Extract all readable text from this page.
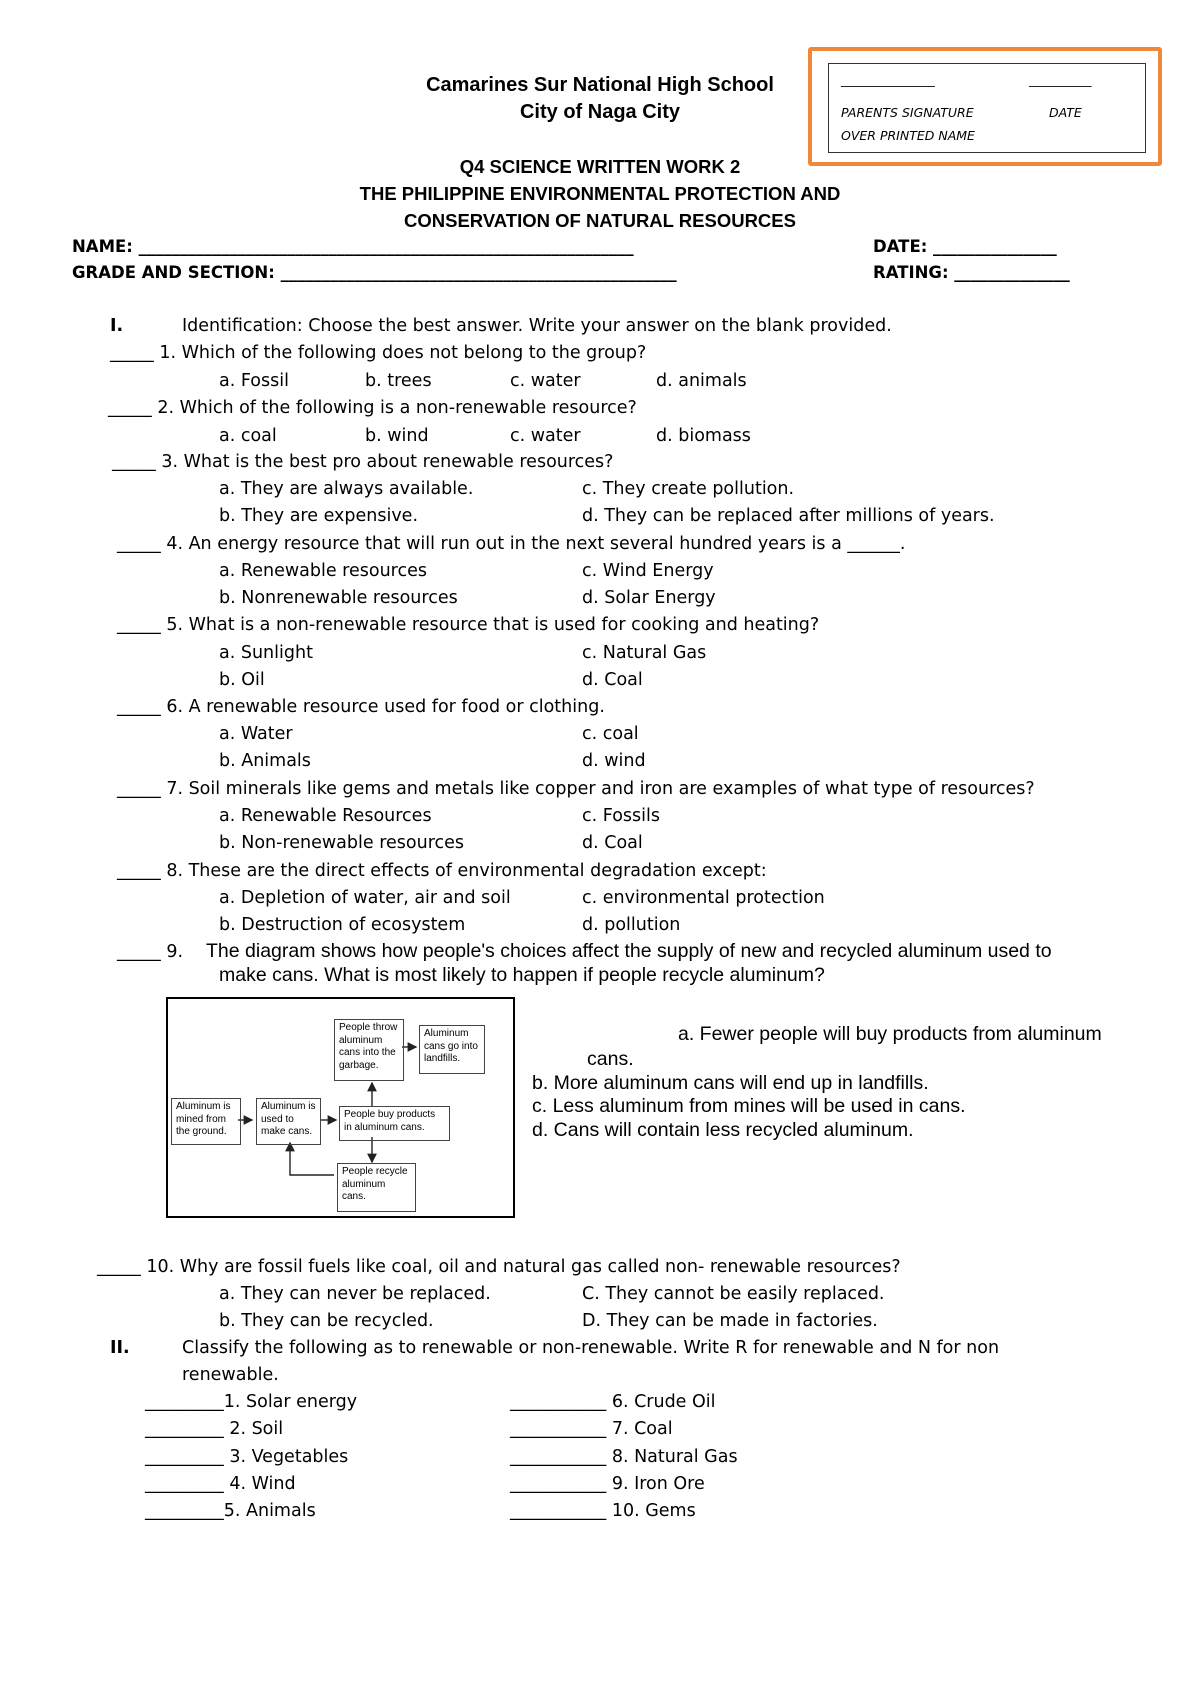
Camarines Sur National High School
City of Naga City
Q4 SCIENCE WRITTEN WORK 2
THE PHILIPPINE ENVIRONMENTAL PROTECTION AND
CONSERVATION OF NATURAL RESOURCES
_______________	__________
PARENTS SIGNATURE	DATE
OVER PRINTED NAME
NAME: ____________________________________________________________
GRADE AND SECTION: ________________________________________________
DATE: _______________
RATING: ______________
I.	Identification: Choose the best answer. Write your answer on the blank provided.
_____ 1. Which of the following does not belong to the group?
a. Fossil	b. trees	c. water	d. animals
_____ 2. Which of the following is a non-renewable resource?
a. coal	b. wind	c. water	d. biomass
_____ 3. What is the best pro about renewable resources?
a. They are always available.	c. They create pollution.
b. They are expensive.	d. They can be replaced after millions of years.
_____ 4. An energy resource that will run out in the next several hundred years is a ______.
a. Renewable resources	c. Wind Energy
b. Nonrenewable resources	d. Solar Energy
_____ 5. What is a non-renewable resource that is used for cooking and heating?
a. Sunlight	c. Natural Gas
b. Oil	d. Coal
_____ 6. A renewable resource used for food or clothing.
a. Water	c. coal
b. Animals	d. wind
_____ 7. Soil minerals like gems and metals like copper and iron are examples of what type of resources?
a. Renewable Resources	c. Fossils
b. Non-renewable resources	d. Coal
_____ 8. These are the direct effects of environmental degradation except:
a. Depletion of water, air and soil	c. environmental protection
b. Destruction of ecosystem	d. pollution
_____ 9. The diagram shows how people's choices affect the supply of new and recycled aluminum used to
make cans. What is most likely to happen if people recycle aluminum?
Aluminum is mined from the ground.
Aluminum is used to make cans.
People buy products in aluminum cans.
People throw aluminum cans into the garbage.
Aluminum cans go into landfills.
People recycle aluminum cans.
a. Fewer people will buy products from aluminum
cans.
b. More aluminum cans will end up in landfills.
c. Less aluminum from mines will be used in cans.
d. Cans will contain less recycled aluminum.
_____ 10. Why are fossil fuels like coal, oil and natural gas called non- renewable resources?
a. They can never be replaced.	C. They cannot be easily replaced.
b. They can be recycled.	D. They can be made in factories.
II.	Classify the following as to renewable or non-renewable. Write R for renewable and N for non
renewable.
_________1. Solar energy
_________ 2. Soil
_________ 3. Vegetables
_________ 4. Wind
_________5. Animals
___________ 6. Crude Oil
___________ 7. Coal
___________ 8. Natural Gas
___________ 9. Iron Ore
___________ 10. Gems
